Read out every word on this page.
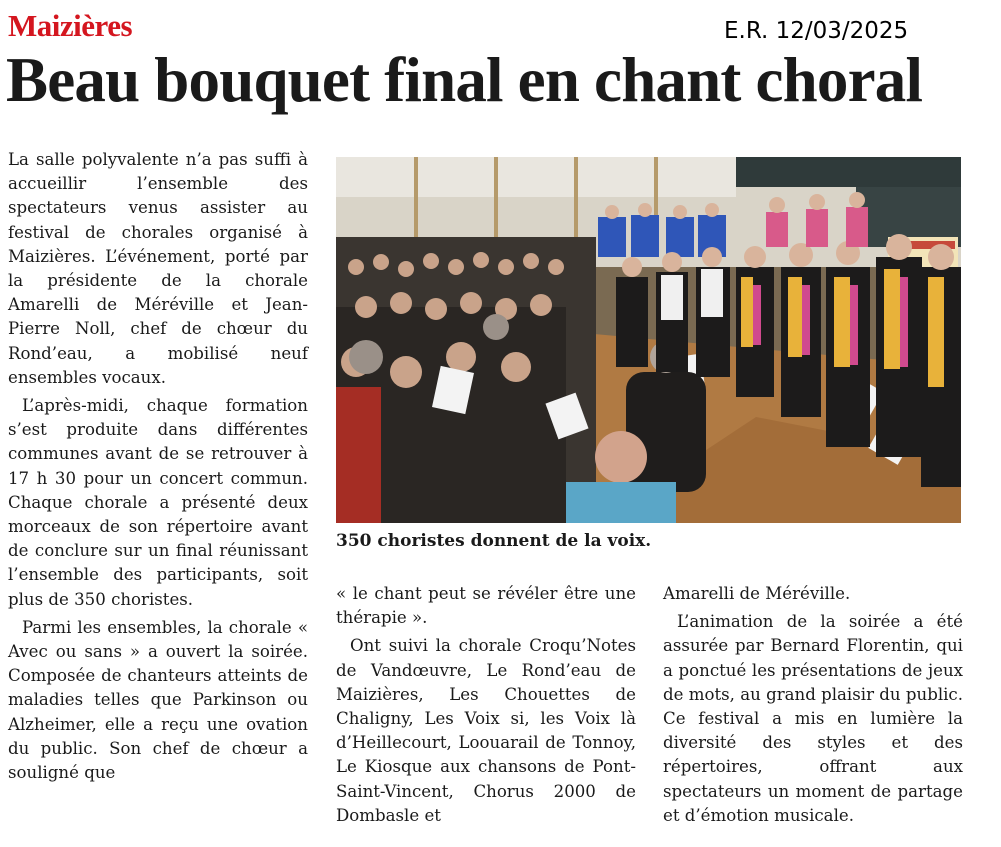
Maizières	E.R. 12/03/2025
Beau bouquet final en chant choral

La salle polyvalente n’a pas suffi à accueillir l’ensemble des spectateurs venus assister au festival de chorales organisé à Maizières. L’événement, porté par la présidente de la chorale Amarelli de Méréville et Jean-Pierre Noll, chef de chœur du Rond’eau, a mobilisé neuf ensembles vocaux.

L’après-midi, chaque formation s’est produite dans différentes communes avant de se retrouver à 17 h 30 pour un concert commun. Chaque chorale a présenté deux morceaux de son répertoire avant de conclure sur un final réunissant l’ensemble des participants, soit plus de 350 choristes.

Parmi les ensembles, la chorale « Avec ou sans » a ouvert la soirée. Composée de chanteurs atteints de maladies telles que Parkinson ou Alzheimer, elle a reçu une ovation du public. Son chef de chœur a souligné que

350 choristes donnent de la voix.

« le chant peut se révéler être une thérapie ».

Ont suivi la chorale Croqu’Notes de Vandœuvre, Le Rond’eau de Maizières, Les Chouettes de Chaligny, Les Voix si, les Voix là d’Heillecourt, Loouarail de Tonnoy, Le Kiosque aux chansons de Pont-Saint-Vincent, Chorus 2000 de Dombasle et

Amarelli de Méréville.

L’animation de la soirée a été assurée par Bernard Florentin, qui a ponctué les présentations de jeux de mots, au grand plaisir du public. Ce festival a mis en lumière la diversité des styles et des répertoires, offrant aux spectateurs un moment de partage et d’émotion musicale.
